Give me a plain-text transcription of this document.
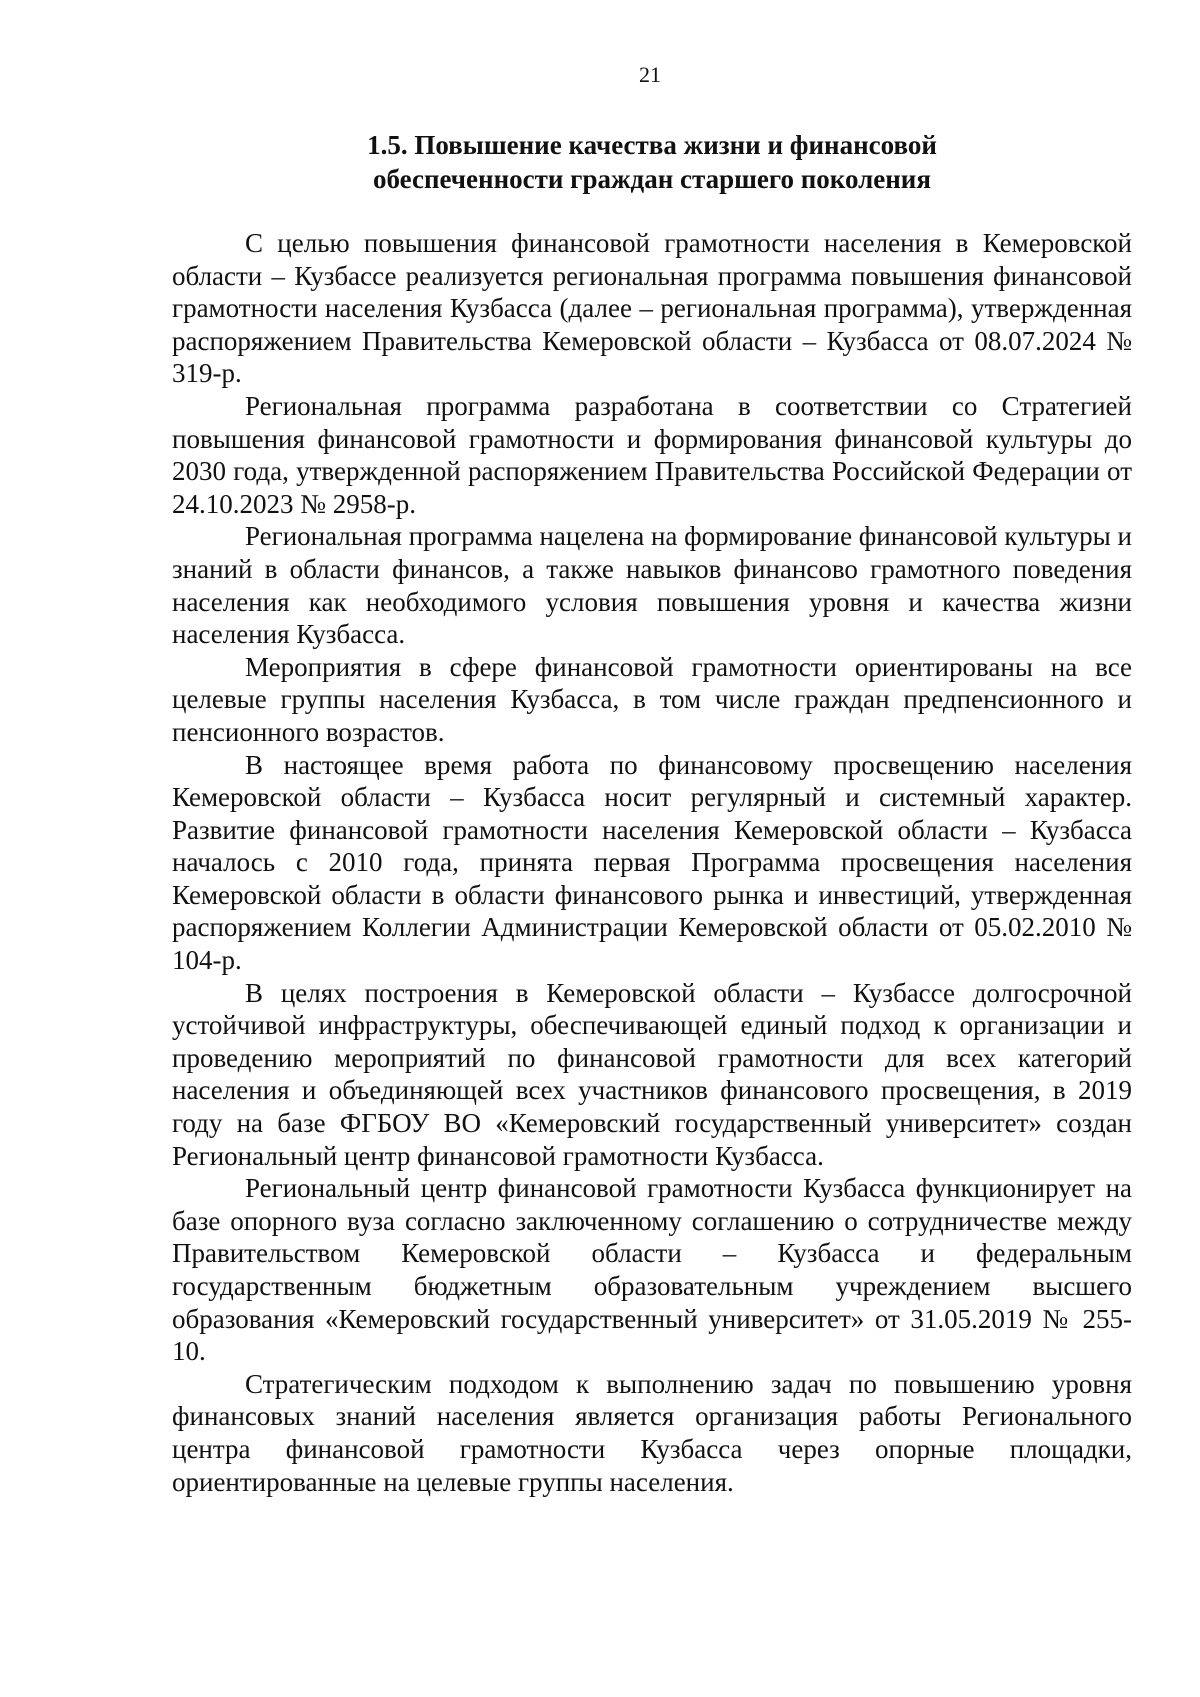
21
1.5. Повышение качества жизни и финансовой
обеспеченности граждан старшего поколения

С целью повышения финансовой грамотности населения в Кемеровской области – Кузбассе реализуется региональная программа повышения финансовой грамотности населения Кузбасса (далее – региональная программа), утвержденная распоряжением Правительства Кемеровской области – Кузбасса от 08.07.2024 № 319-р.

Региональная программа разработана в соответствии со Стратегией повышения финансовой грамотности и формирования финансовой культуры до 2030 года, утвержденной распоряжением Правительства Российской Федерации от 24.10.2023 № 2958-р.

Региональная программа нацелена на формирование финансовой культуры и знаний в области финансов, а также навыков финансово грамотного поведения населения как необходимого условия повышения уровня и качества жизни населения Кузбасса.

Мероприятия в сфере финансовой грамотности ориентированы на все целевые группы населения Кузбасса, в том числе граждан предпенсионного и пенсионного возрастов.

В настоящее время работа по финансовому просвещению населения Кемеровской области – Кузбасса носит регулярный и системный характер. Развитие финансовой грамотности населения Кемеровской области – Кузбасса началось с 2010 года, принята первая Программа просвещения населения Кемеровской области в области финансового рынка и инвестиций, утвержденная распоряжением Коллегии Администрации Кемеровской области от 05.02.2010 № 104-р.

В целях построения в Кемеровской области – Кузбассе долгосрочной устойчивой инфраструктуры, обеспечивающей единый подход к организации и проведению мероприятий по финансовой грамотности для всех категорий населения и объединяющей всех участников финансового просвещения, в 2019 году на базе ФГБОУ ВО «Кемеровский государственный университет» создан Региональный центр финансовой грамотности Кузбасса.

Региональный центр финансовой грамотности Кузбасса функционирует на базе опорного вуза согласно заключенному соглашению о сотрудничестве между Правительством Кемеровской области – Кузбасса и федеральным государственным бюджетным образовательным учреждением высшего образования «Кемеровский государственный университет» от 31.05.2019 № 255-10.

Стратегическим подходом к выполнению задач по повышению уровня финансовых знаний населения является организация работы Регионального центра финансовой грамотности Кузбасса через опорные площадки, ориентированные на целевые группы населения.
